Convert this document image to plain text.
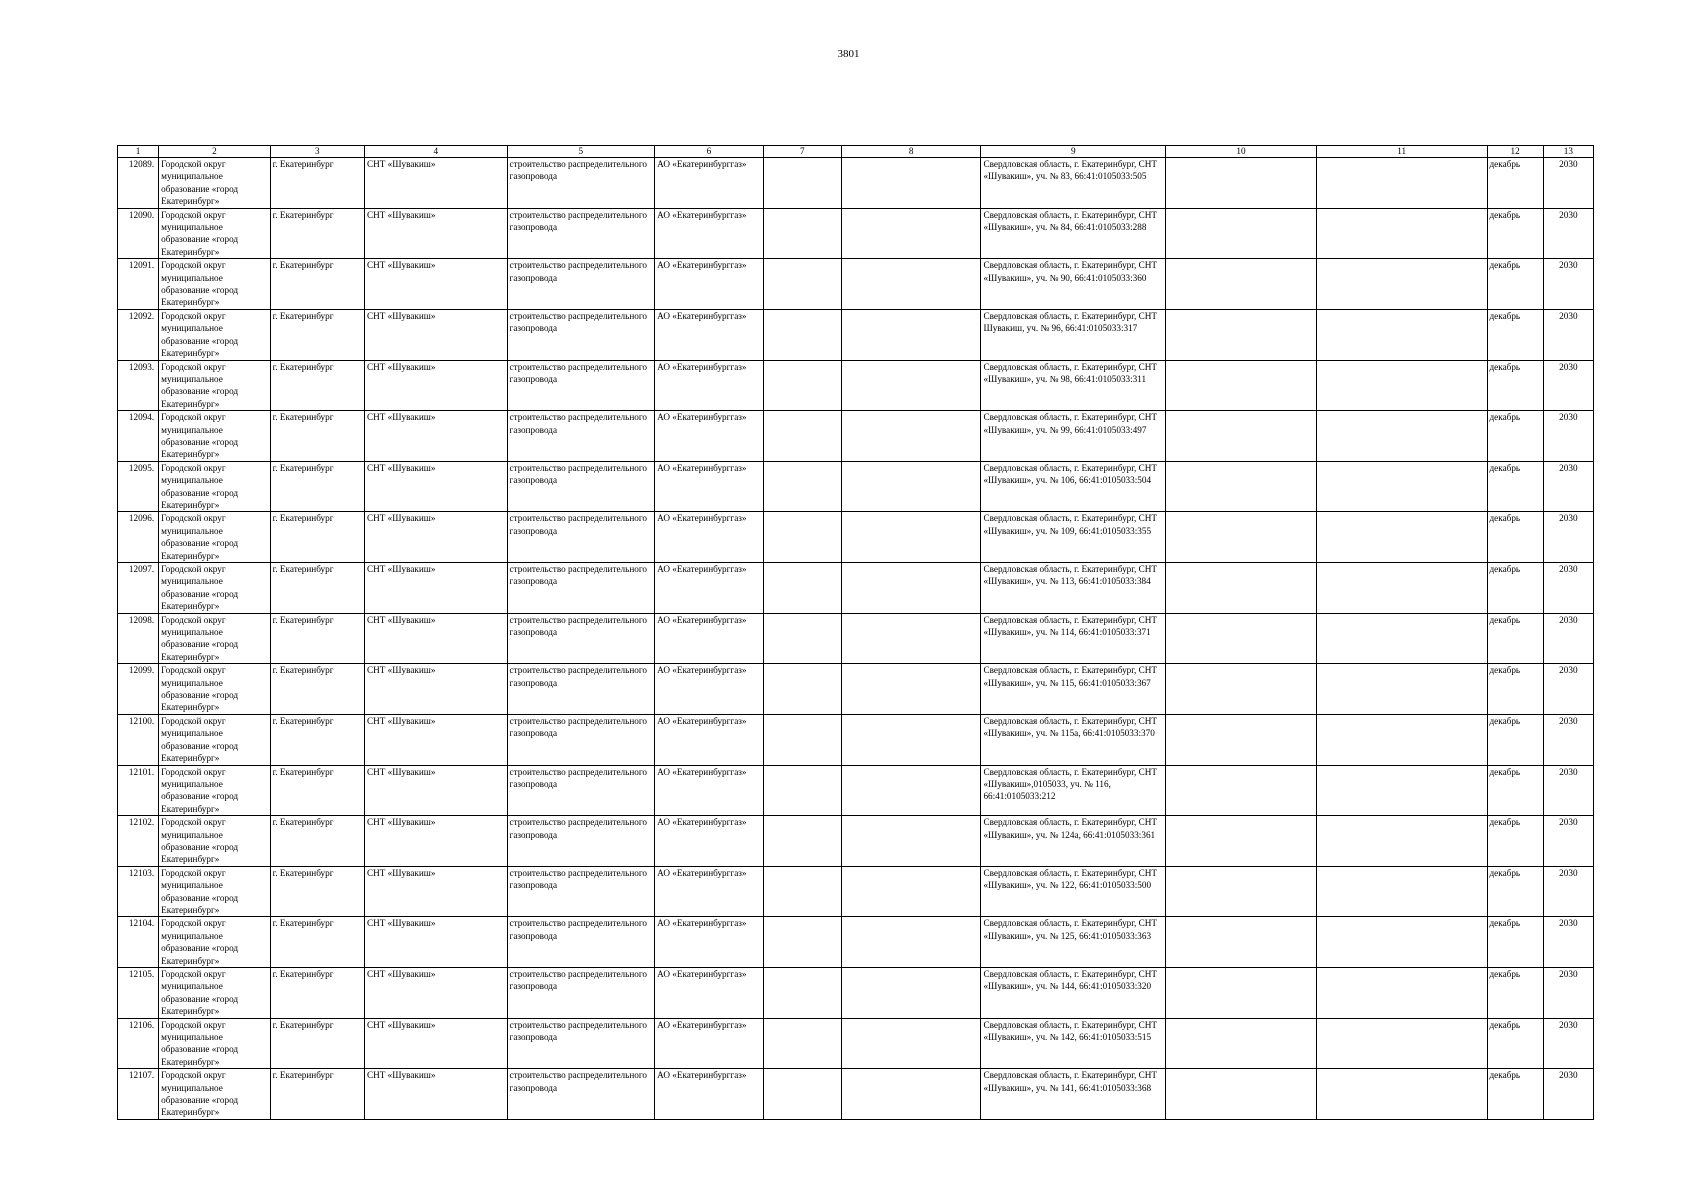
3801
1	2	3	4	5	6	7	8	9	10	11	12	13
12089.	Городской округ муниципальное образование «город Екатеринбург»	г. Екатеринбург	СНТ «Шувакиш»	строительство распределительного газопровода	АО «Екатеринбурггаз»			Свердловская область, г. Екатеринбург, СНТ «Шувакиш», уч. № 83, 66:41:0105033:505			декабрь	2030
12090.	Городской округ муниципальное образование «город Екатеринбург»	г. Екатеринбург	СНТ «Шувакиш»	строительство распределительного газопровода	АО «Екатеринбурггаз»			Свердловская область, г. Екатеринбург, СНТ «Шувакиш», уч. № 84, 66:41:0105033:288			декабрь	2030
12091.	Городской округ муниципальное образование «город Екатеринбург»	г. Екатеринбург	СНТ «Шувакиш»	строительство распределительного газопровода	АО «Екатеринбурггаз»			Свердловская область, г. Екатеринбург, СНТ «Шувакиш», уч. № 90, 66:41:0105033:360			декабрь	2030
12092.	Городской округ муниципальное образование «город Екатеринбург»	г. Екатеринбург	СНТ «Шувакиш»	строительство распределительного газопровода	АО «Екатеринбурггаз»			Свердловская область, г. Екатеринбург, СНТ Шувакиш, уч. № 96, 66:41:0105033:317			декабрь	2030
12093.	Городской округ муниципальное образование «город Екатеринбург»	г. Екатеринбург	СНТ «Шувакиш»	строительство распределительного газопровода	АО «Екатеринбурггаз»			Свердловская область, г. Екатеринбург, СНТ «Шувакиш», уч. № 98, 66:41:0105033:311			декабрь	2030
12094.	Городской округ муниципальное образование «город Екатеринбург»	г. Екатеринбург	СНТ «Шувакиш»	строительство распределительного газопровода	АО «Екатеринбурггаз»			Свердловская область, г. Екатеринбург, СНТ «Шувакиш», уч. № 99, 66:41:0105033:497			декабрь	2030
12095.	Городской округ муниципальное образование «город Екатеринбург»	г. Екатеринбург	СНТ «Шувакиш»	строительство распределительного газопровода	АО «Екатеринбурггаз»			Свердловская область, г. Екатеринбург, СНТ «Шувакиш», уч. № 106, 66:41:0105033:504			декабрь	2030
12096.	Городской округ муниципальное образование «город Екатеринбург»	г. Екатеринбург	СНТ «Шувакиш»	строительство распределительного газопровода	АО «Екатеринбурггаз»			Свердловская область, г. Екатеринбург, СНТ «Шувакиш», уч. № 109, 66:41:0105033:355			декабрь	2030
12097.	Городской округ муниципальное образование «город Екатеринбург»	г. Екатеринбург	СНТ «Шувакиш»	строительство распределительного газопровода	АО «Екатеринбурггаз»			Свердловская область, г. Екатеринбург, СНТ «Шувакиш», уч. № 113, 66:41:0105033:384			декабрь	2030
12098.	Городской округ муниципальное образование «город Екатеринбург»	г. Екатеринбург	СНТ «Шувакиш»	строительство распределительного газопровода	АО «Екатеринбурггаз»			Свердловская область, г. Екатеринбург, СНТ «Шувакиш», уч. № 114, 66:41:0105033:371			декабрь	2030
12099.	Городской округ муниципальное образование «город Екатеринбург»	г. Екатеринбург	СНТ «Шувакиш»	строительство распределительного газопровода	АО «Екатеринбурггаз»			Свердловская область, г. Екатеринбург, СНТ «Шувакиш», уч. № 115, 66:41:0105033:367			декабрь	2030
12100.	Городской округ муниципальное образование «город Екатеринбург»	г. Екатеринбург	СНТ «Шувакиш»	строительство распределительного газопровода	АО «Екатеринбурггаз»			Свердловская область, г. Екатеринбург, СНТ «Шувакиш», уч. № 115а, 66:41:0105033:370			декабрь	2030
12101.	Городской округ муниципальное образование «город Екатеринбург»	г. Екатеринбург	СНТ «Шувакиш»	строительство распределительного газопровода	АО «Екатеринбурггаз»			Свердловская область, г. Екатеринбург, СНТ «Шувакиш»,0105033, уч. № 116, 66:41:0105033:212			декабрь	2030
12102.	Городской округ муниципальное образование «город Екатеринбург»	г. Екатеринбург	СНТ «Шувакиш»	строительство распределительного газопровода	АО «Екатеринбурггаз»			Свердловская область, г. Екатеринбург, СНТ «Шувакиш», уч. № 124а, 66:41:0105033:361			декабрь	2030
12103.	Городской округ муниципальное образование «город Екатеринбург»	г. Екатеринбург	СНТ «Шувакиш»	строительство распределительного газопровода	АО «Екатеринбурггаз»			Свердловская область, г. Екатеринбург, СНТ «Шувакиш», уч. № 122, 66:41:0105033:500			декабрь	2030
12104.	Городской округ муниципальное образование «город Екатеринбург»	г. Екатеринбург	СНТ «Шувакиш»	строительство распределительного газопровода	АО «Екатеринбурггаз»			Свердловская область, г. Екатеринбург, СНТ «Шувакиш», уч. № 125, 66:41:0105033:363			декабрь	2030
12105.	Городской округ муниципальное образование «город Екатеринбург»	г. Екатеринбург	СНТ «Шувакиш»	строительство распределительного газопровода	АО «Екатеринбурггаз»			Свердловская область, г. Екатеринбург, СНТ «Шувакиш», уч. № 144, 66:41:0105033:320			декабрь	2030
12106.	Городской округ муниципальное образование «город Екатеринбург»	г. Екатеринбург	СНТ «Шувакиш»	строительство распределительного газопровода	АО «Екатеринбурггаз»			Свердловская область, г. Екатеринбург, СНТ «Шувакиш», уч. № 142, 66:41:0105033:515			декабрь	2030
12107.	Городской округ муниципальное образование «город Екатеринбург»	г. Екатеринбург	СНТ «Шувакиш»	строительство распределительного газопровода	АО «Екатеринбурггаз»			Свердловская область, г. Екатеринбург, СНТ «Шувакиш», уч. № 141, 66:41:0105033:368			декабрь	2030
